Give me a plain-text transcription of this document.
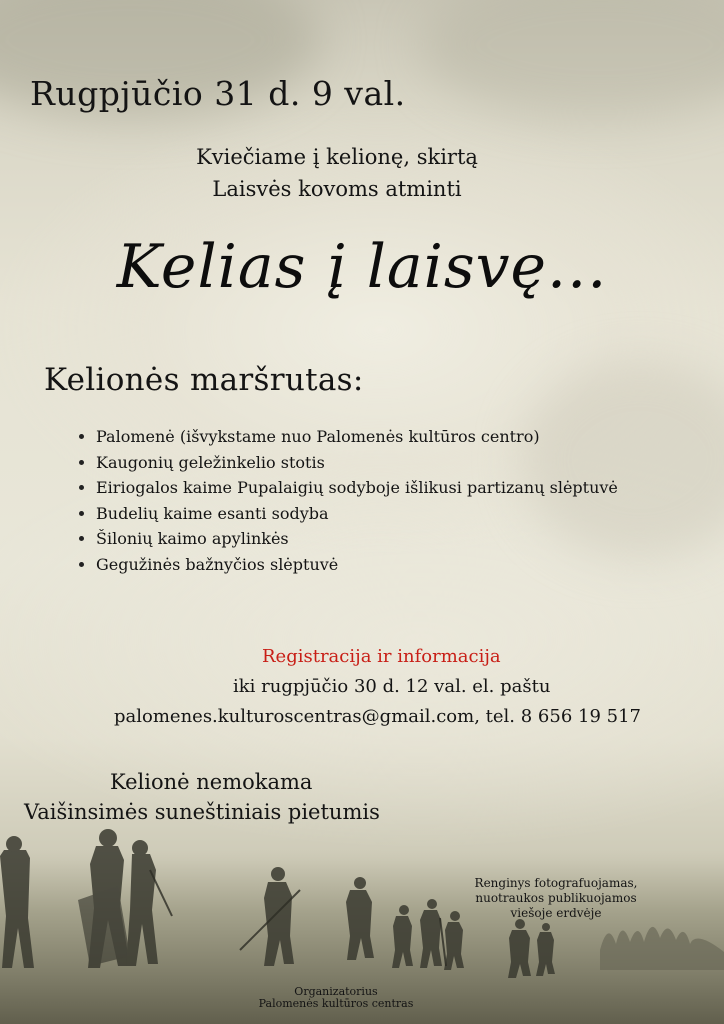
Rugpjūčio 31 d. 9 val.

Kviečiame į kelionę, skirtą

Laisvės kovoms atminti

Kelias į laisvę...
Kelionės maršrutas:
Palomenė (išvykstame nuo Palomenės kultūros centro)
Kaugonių geležinkelio stotis
Eiriogalos kaime Pupalaigių sodyboje išlikusi partizanų slėptuvė
Budelių kaime esanti sodyba
Šilonių kaimo apylinkės
Gegužinės bažnyčios slėptuvė

Registracija ir informacija

iki rugpjūčio 30 d. 12 val. el. paštu

palomenes.kulturoscentras@gmail.com, tel. 8 656 19 517

Kelionė nemokama

Vaišinsimės suneštiniais pietumis

Renginys fotografuojamas,
nuotraukos publikuojamos
viešoje erdvėje

Organizatorius

Palomenės kultūros centras
